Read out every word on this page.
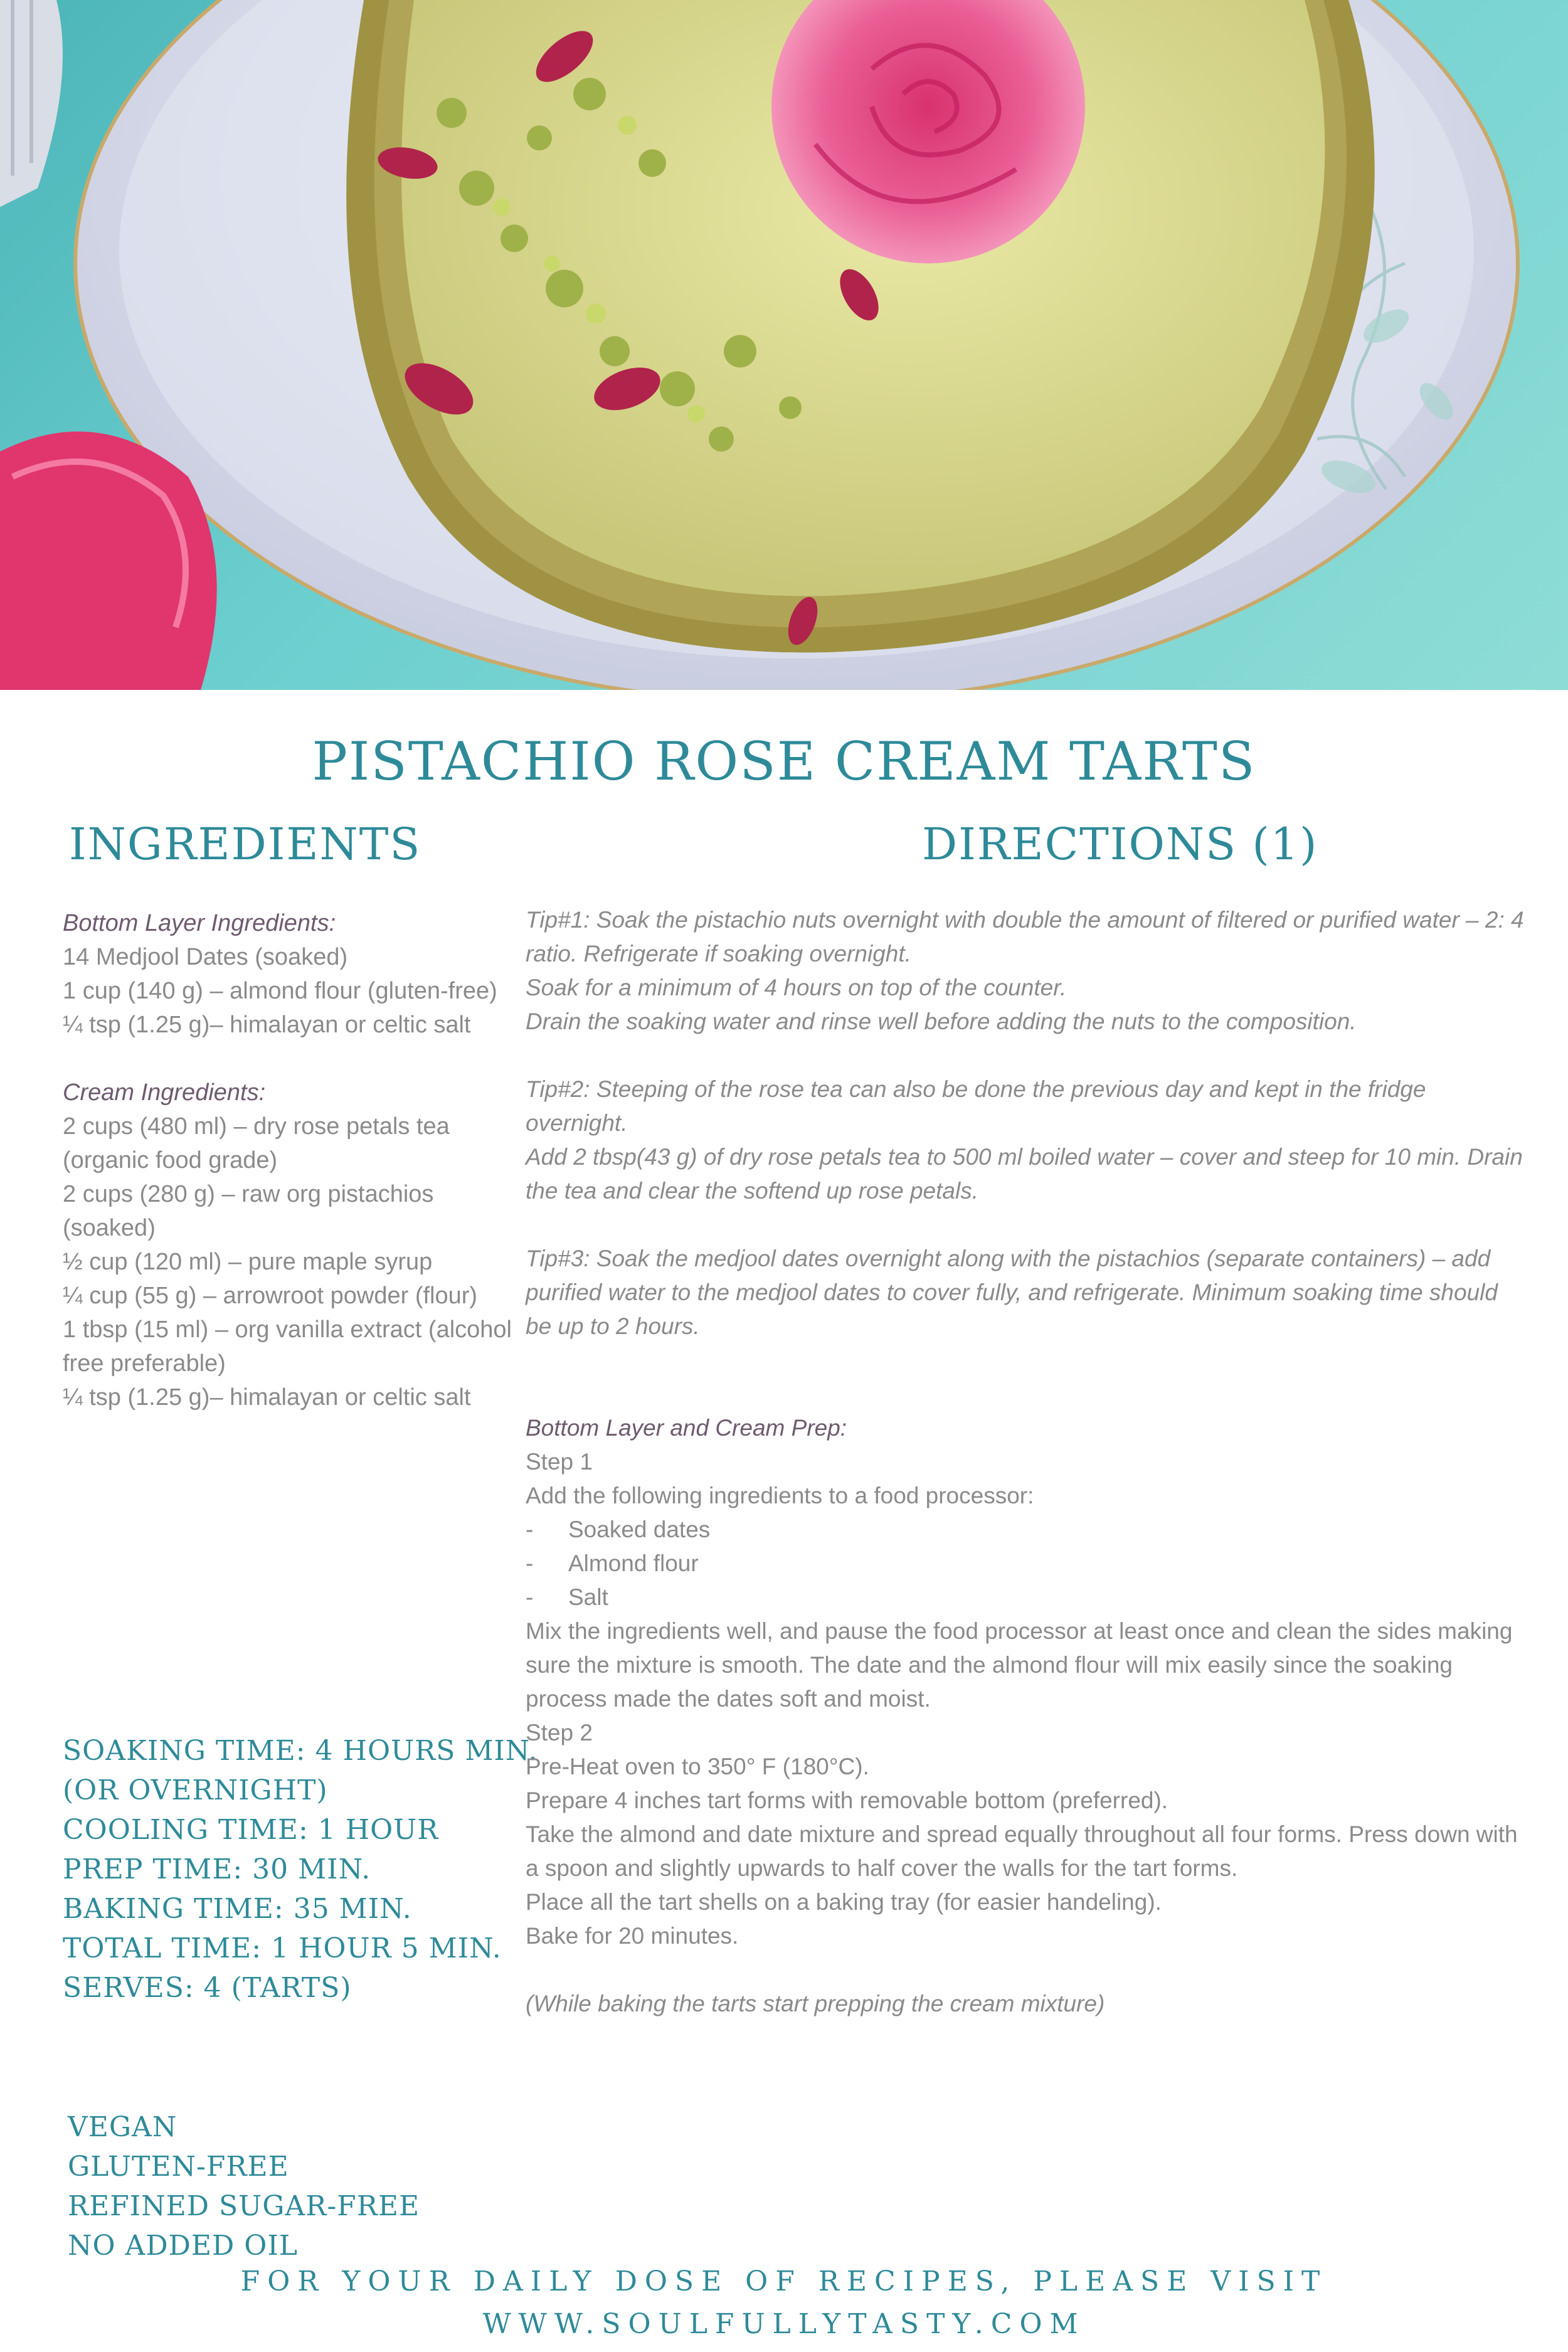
PISTACHIO ROSE CREAM TARTS
INGREDIENTS
Bottom Layer Ingredients:
14 Medjool Dates (soaked)
1 cup (140 g) – almond flour (gluten-free)
¼ tsp (1.25 g)– himalayan or celtic salt
Cream Ingredients:
2 cups (480 ml) – dry rose petals tea (organic food grade)
2 cups (280 g) – raw org pistachios (soaked)
½ cup (120 ml) – pure maple syrup
¼ cup (55 g) – arrowroot powder (flour)
1 tbsp (15 ml) – org vanilla extract (alcohol free preferable)
¼ tsp (1.25 g)– himalayan or celtic salt
SOAKING TIME: 4 HOURS MIN.
(OR OVERNIGHT)
COOLING TIME: 1 HOUR
PREP TIME: 30 MIN.
BAKING TIME: 35 MIN.
TOTAL TIME: 1 HOUR 5 MIN.
SERVES: 4 (TARTS)
VEGAN
GLUTEN-FREE
REFINED SUGAR-FREE
NO ADDED OIL
DIRECTIONS (1)
Tip#1: Soak the pistachio nuts overnight with double the amount of filtered or purified water – 2: 4 ratio. Refrigerate if soaking overnight.
Soak for a minimum of 4 hours on top of the counter.
Drain the soaking water and rinse well before adding the nuts to the composition.
Tip#2: Steeping of the rose tea can also be done the previous day and kept in the fridge overnight.
Add 2 tbsp(43 g) of dry rose petals tea to 500 ml boiled water – cover and steep for 10 min. Drain the tea and clear the softend up rose petals.
Tip#3: Soak the medjool dates overnight along with the pistachios (separate containers) – add purified water to the medjool dates to cover fully, and refrigerate. Minimum soaking time should be up to 2 hours.
Bottom Layer and Cream Prep:
Step 1
Add the following ingredients to a food processor:
-	Soaked dates
-	Almond flour
-	Salt
Mix the ingredients well, and pause the food processor at least once and clean the sides making sure the mixture is smooth. The date and the almond flour will mix easily since the soaking process made the dates soft and moist.
Step 2
Pre-Heat oven to 350° F (180°C).
Prepare 4 inches tart forms with removable bottom (preferred).
Take the almond and date mixture and spread equally throughout all four forms. Press down with a spoon and slightly upwards to half cover the walls for the tart forms.
Place all the tart shells on a baking tray (for easier handeling).
Bake for 20 minutes.
(While baking the tarts start prepping the cream mixture)
FOR YOUR DAILY DOSE OF RECIPES, PLEASE VISIT
WWW.SOULFULLYTASTY.COM
